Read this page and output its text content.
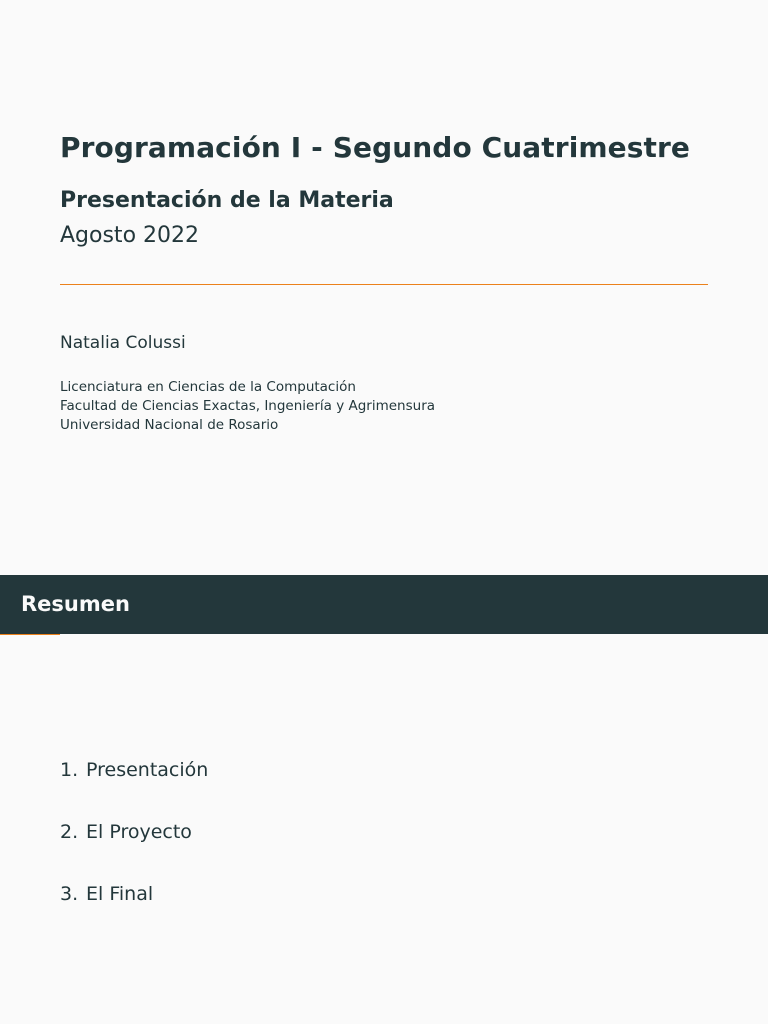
Programación I - Segundo Cuatrimestre
Presentación de la Materia
Agosto 2022
Natalia Colussi
Licenciatura en Ciencias de la Computación
Facultad de Ciencias Exactas, Ingeniería y Agrimensura
Universidad Nacional de Rosario
Resumen
1. Presentación
2. El Proyecto
3. El Final
